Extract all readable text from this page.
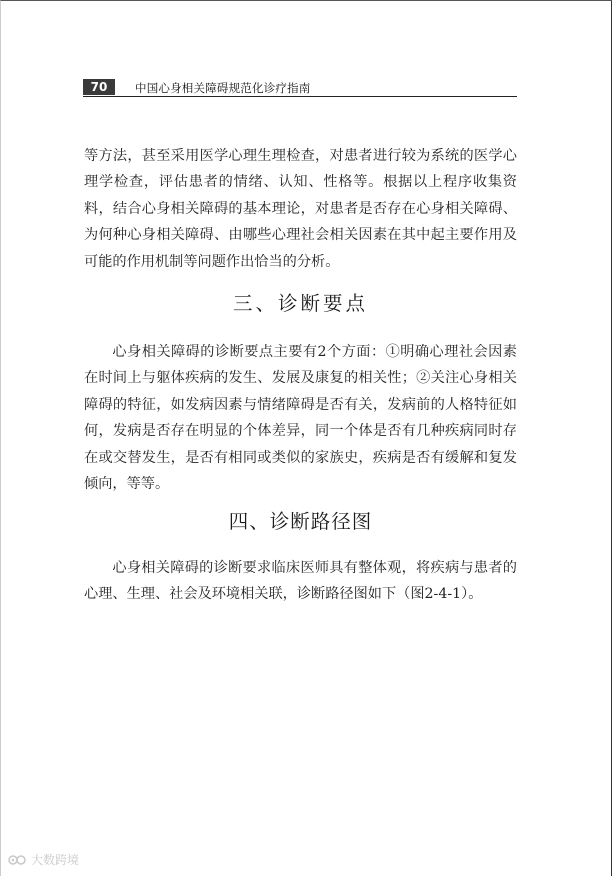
70	中国心身相关障碍规范化诊疗指南
等方法，甚至采用医学心理生理检查，对患者进行较为系统的医学心理学检查，评估患者的情绪、认知、性格等。根据以上程序收集资料，结合心身相关障碍的基本理论，对患者是否存在心身相关障碍、为何种心身相关障碍、由哪些心理社会相关因素在其中起主要作用及可能的作用机制等问题作出恰当的分析。
三、诊断要点
心身相关障碍的诊断要点主要有2个方面：①明确心理社会因素在时间上与躯体疾病的发生、发展及康复的相关性；②关注心身相关障碍的特征，如发病因素与情绪障碍是否有关，发病前的人格特征如何，发病是否存在明显的个体差异，同一个体是否有几种疾病同时存在或交替发生，是否有相同或类似的家族史，疾病是否有缓解和复发倾向，等等。
四、诊断路径图
心身相关障碍的诊断要求临床医师具有整体观，将疾病与患者的心理、生理、社会及环境相关联，诊断路径图如下（图2-4-1）。
大数跨境
